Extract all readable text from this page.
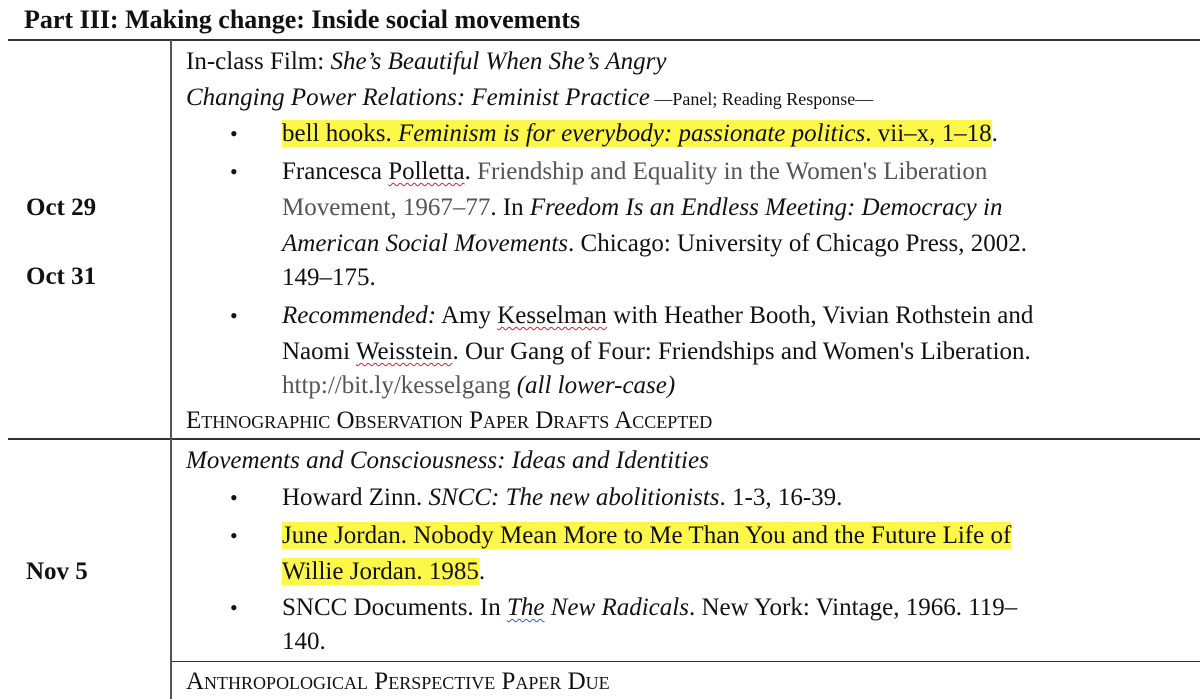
Part III: Making change: Inside social movements
Oct 29
Oct 31
In-class Film: She’s Beautiful When She’s Angry
Changing Power Relations: Feminist Practice —Panel; Reading Response—
• bell hooks. Feminism is for everybody: passionate politics. vii–x, 1–18.
• Francesca Polletta. Friendship and Equality in the Women's Liberation
Movement, 1967–77. In Freedom Is an Endless Meeting: Democracy in
American Social Movements. Chicago: University of Chicago Press, 2002.
149–175.
• Recommended: Amy Kesselman with Heather Booth, Vivian Rothstein and
Naomi Weisstein. Our Gang of Four: Friendships and Women's Liberation.
http://bit.ly/kesselgang (all lower-case)
Ethnographic Observation Paper Drafts Accepted
Nov 5
Movements and Consciousness: Ideas and Identities
• Howard Zinn. SNCC: The new abolitionists. 1-3, 16-39.
• June Jordan. Nobody Mean More to Me Than You and the Future Life of
Willie Jordan. 1985.
• SNCC Documents. In The New Radicals. New York: Vintage, 1966. 119–
140.
Anthropological Perspective Paper Due
